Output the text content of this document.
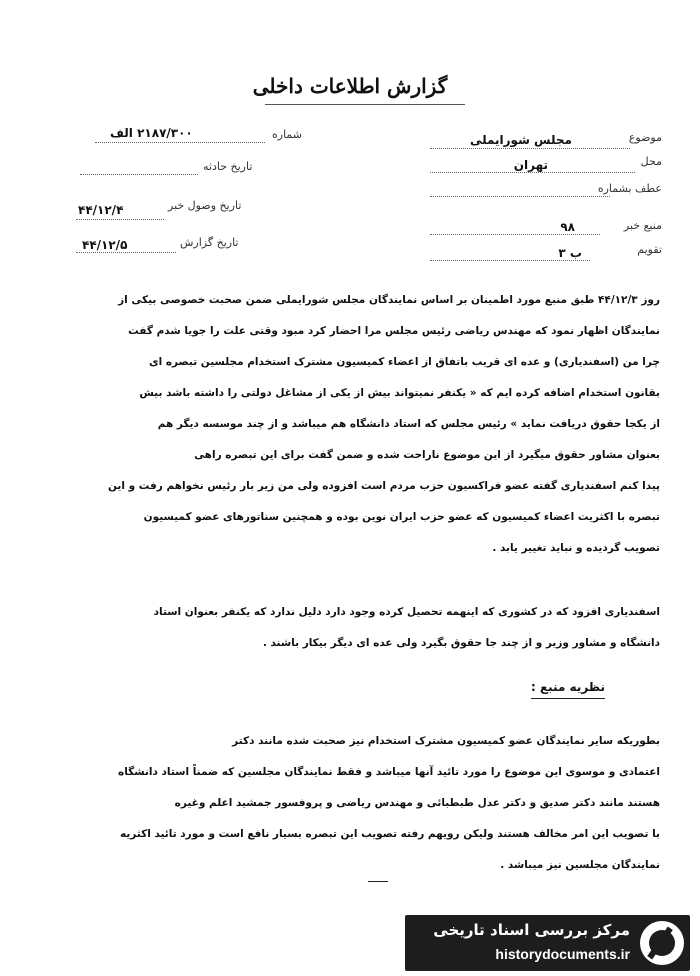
گزارش اطلاعات داخلی
شماره
۲۱۸۷/۳۰۰ الف
تاریخ حادثه
تاریخ وصول خبر
۴۴/۱۲/۴
تاریخ گزارش
۴۴/۱۲/۵
موضوع
مجلس شورایملی
محل
تهران
عطف بشماره
منبع خبر
۹۸
تقویم
ب ۳
روز ۴۴/۱۲/۳ طبق منبع مورد اطمینان بر اساس نمایندگان مجلس شورایملی ضمن صحبت خصوصی بیکی از
نمایندگان اظهار نمود که مهندس ریاضی رئیس مجلس مرا احضار کرد مبود وقتی علت را جویا شدم گفت
چرا من (اسفندیاری) و عده ای قریب باتفاق از اعضاء کمیسیون مشترک استخدام مجلسین تبصره ای
بقانون استخدام اضافه کرده ایم که « یکنفر نمیتواند بیش از یکی از مشاغل دولتی را داشته باشد بیش
از یکجا حقوق دریافت نماید » رئیس مجلس که استاد دانشگاه هم میباشد و از چند موسسه دیگر هم
بعنوان مشاور حقوق میگیرد از این موضوع ناراحت شده و ضمن گفت برای این تبصره راهی
پیدا کنم اسفندیاری گفته عضو فراکسیون حزب مردم است افزوده ولی من زیر بار رئیس نخواهم رفت و این
تبصره با اکثریت اعضاء کمیسیون که عضو حزب ایران نوین بوده و همچنین سناتورهای عضو کمیسیون
تصویب گردیده و نباید تغییر یابد .
اسفندیاری افزود که در کشوری که اینهمه تحصیل کرده وجود دارد دلیل ندارد که یکنفر بعنوان استاد
دانشگاه و مشاور وزیر و از چند جا حقوق بگیرد ولی عده ای دیگر بیکار باشند .
نظریه منبع :
بطوریکه سایر نمایندگان عضو کمیسیون مشترک استخدام نیز صحبت شده مانند دکتر
اعتمادی و موسوی این موضوع را مورد تائید آنها میباشد و فقط نمایندگان مجلسین که ضمناً استاد دانشگاه
هستند مانند دکتر صدیق و دکتر عدل طبطبائی و مهندس ریاضی و پروفسور جمشید اعلم وغیره
با تصویب این امر مخالف هستند ولیکن رویهم رفته تصویب این تبصره بسیار نافع است و مورد تائید اکثریه
نمایندگان مجلسین نیز میباشد .
مرکز بررسی اسناد تاریخی
historydocuments.ir
